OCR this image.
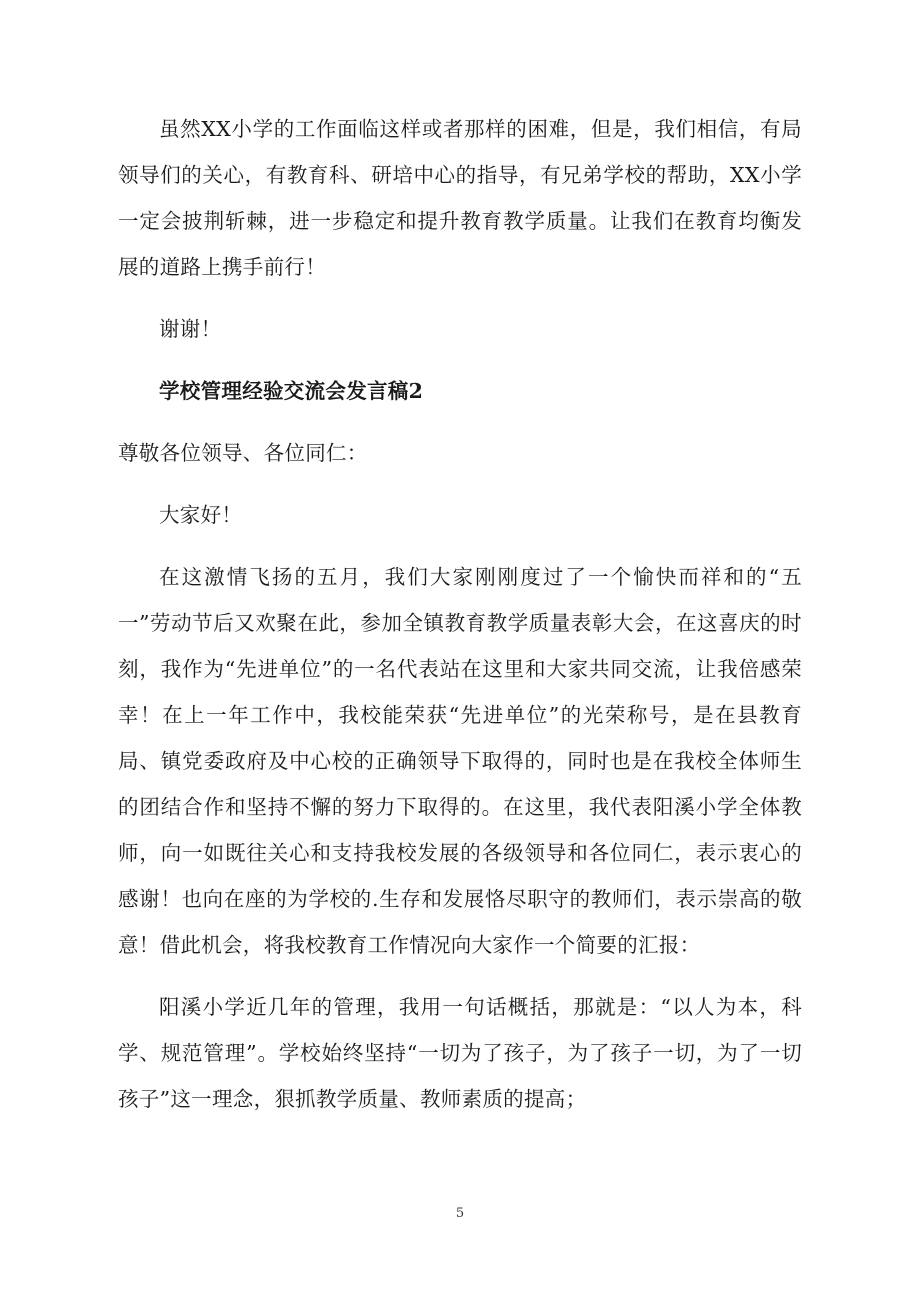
虽然XX小学的工作面临这样或者那样的困难，但是，我们相信，有局领导们的关心，有教育科、研培中心的指导，有兄弟学校的帮助，XX小学一定会披荆斩棘，进一步稳定和提升教育教学质量。让我们在教育均衡发展的道路上携手前行！

谢谢！

学校管理经验交流会发言稿2

尊敬各位领导、各位同仁：

大家好！

在这激情飞扬的五月，我们大家刚刚度过了一个愉快而祥和的“五一”劳动节后又欢聚在此，参加全镇教育教学质量表彰大会，在这喜庆的时刻，我作为“先进单位”的一名代表站在这里和大家共同交流，让我倍感荣幸！在上一年工作中，我校能荣获“先进单位”的光荣称号，是在县教育局、镇党委政府及中心校的正确领导下取得的，同时也是在我校全体师生的团结合作和坚持不懈的努力下取得的。在这里，我代表阳溪小学全体教师，向一如既往关心和支持我校发展的各级领导和各位同仁，表示衷心的感谢！也向在座的为学校的.生存和发展恪尽职守的教师们，表示崇高的敬意！借此机会，将我校教育工作情况向大家作一个简要的汇报：

阳溪小学近几年的管理，我用一句话概括，那就是：“以人为本，科学、规范管理”。学校始终坚持“一切为了孩子，为了孩子一切，为了一切孩子”这一理念，狠抓教学质量、教师素质的提高；

5
